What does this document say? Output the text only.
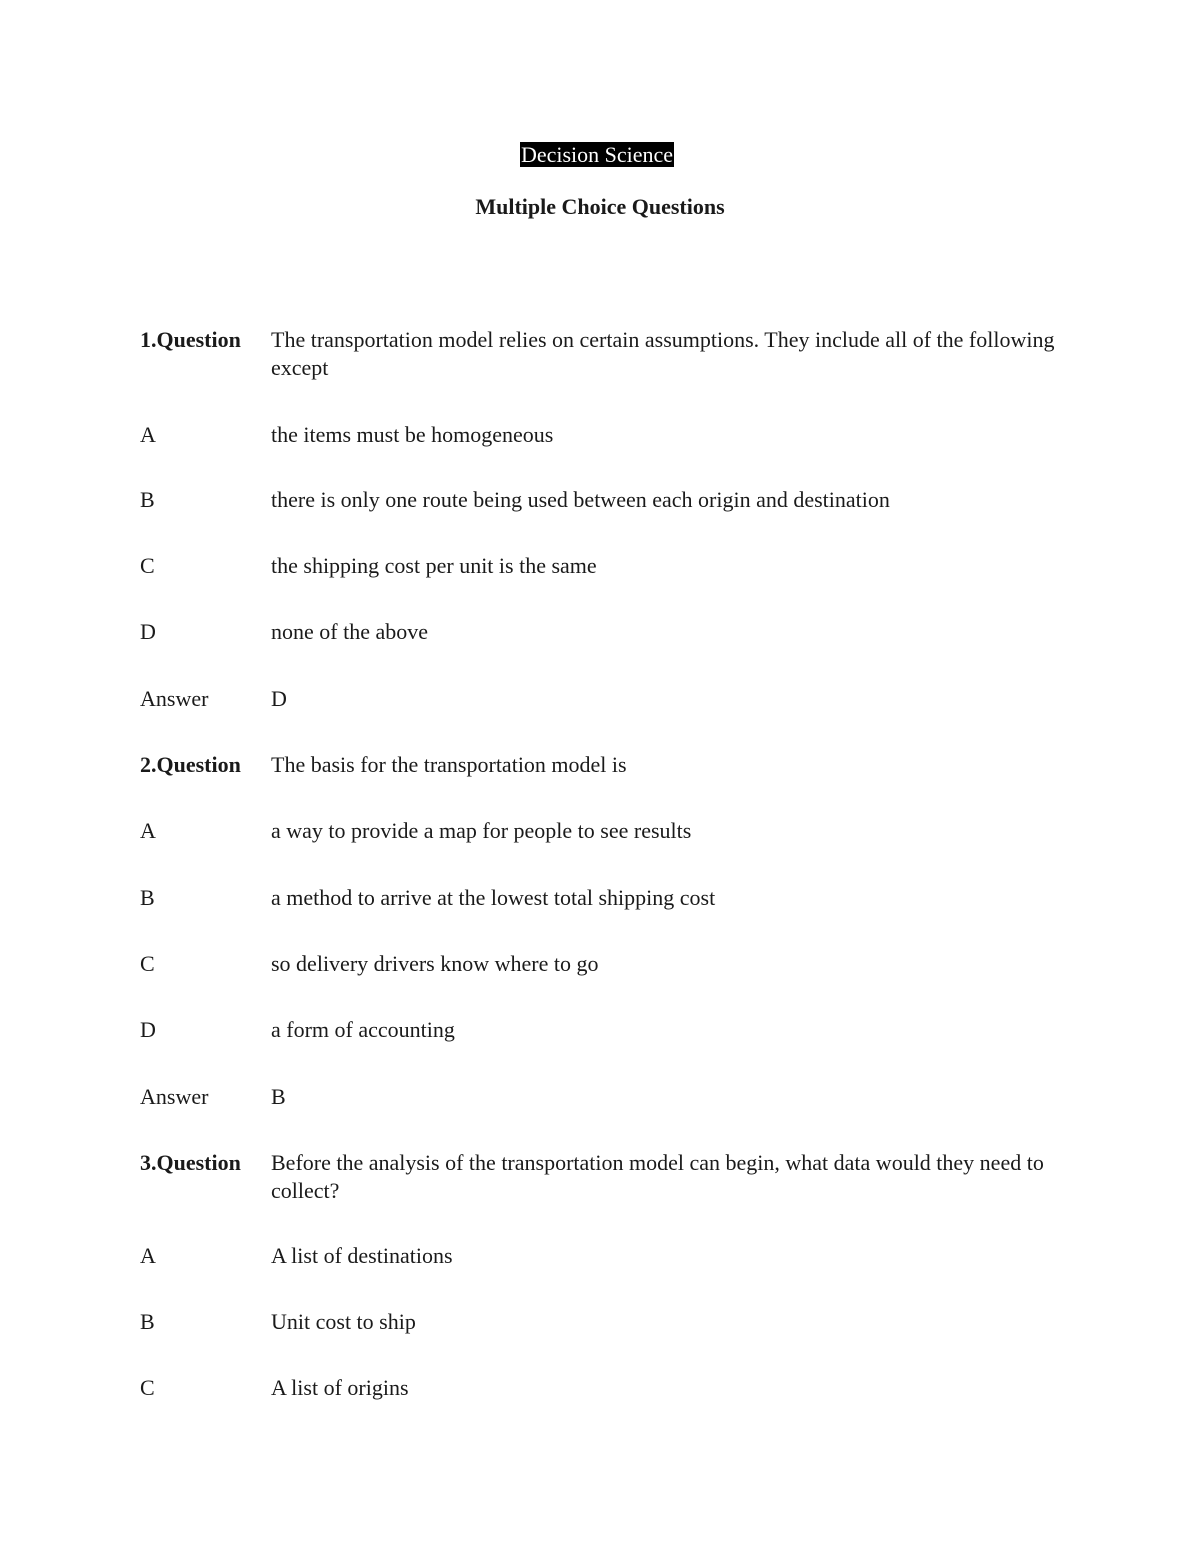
Decision Science
Multiple Choice Questions
1.Question	The transportation model relies on certain assumptions. They include all of the following except
A	the items must be homogeneous
B	there is only one route being used between each origin and destination
C	the shipping cost per unit is the same
D	none of the above
Answer	D
2.Question	The basis for the transportation model is
A	a way to provide a map for people to see results
B	a method to arrive at the lowest total shipping cost
C	so delivery drivers know where to go
D	a form of accounting
Answer	B
3.Question	Before the analysis of the transportation model can begin, what data would they need to collect?
A	A list of destinations
B	Unit cost to ship
C	A list of origins
